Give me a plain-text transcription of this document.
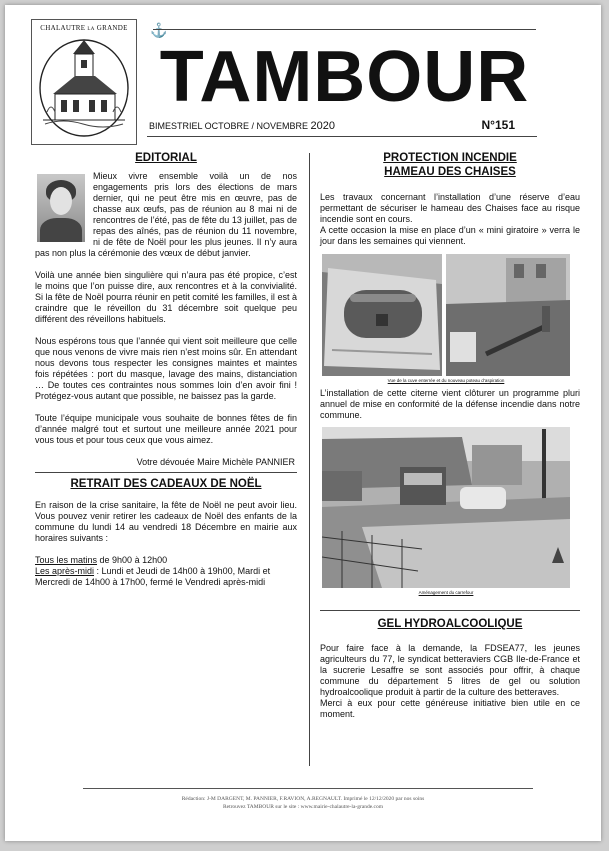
CHALAUTRE LA GRANDE	⚓
TAMBOUR
BIMESTRIEL OCTOBRE / NOVEMBRE 2020	N°151
EDITORIAL

Mieux vivre ensemble voilà un de nos engagements pris lors des élections de mars dernier, qui ne peut être mis en œuvre, pas de chasse aux œufs, pas de réunion au 8 mai ni de rencontres de l’été, pas de fête du 13 juillet, pas de repas des aînés, pas de réunion du 11 novembre, ni de fête de Noël pour les plus jeunes. Il n’y aura pas non plus la cérémonie des vœux de début janvier.

Voilà une année bien singulière qui n’aura pas été propice, c’est le moins que l’on puisse dire, aux rencontres et à la convivialité. Si la fête de Noël pourra réunir en petit comité les familles, il est à craindre que le réveillon du 31 décembre soit quelque peu différent des réveillons habituels.

Nous espérons tous que l’année qui vient soit meilleure que celle que nous venons de vivre mais rien n’est moins sûr. En attendant nous devons tous respecter les consignes maintes et maintes fois répétées : port du masque, lavage des mains, distanciation … De toutes ces contraintes nous sommes loin d’en avoir fini ! Protégez-vous autant que possible, ne baissez pas la garde.

Toute l’équipe municipale vous souhaite de bonnes fêtes de fin d’année malgré tout et surtout une meilleure année 2021 pour vous tous et pour tous ceux que vous aimez.

Votre dévouée Maire Michèle PANNIER

RETRAIT DES CADEAUX DE NOËL

En raison de la crise sanitaire, la fête de Noël ne peut avoir lieu. Vous pouvez venir retirer les cadeaux de Noël des enfants de la commune du lundi 14 au vendredi 18 Décembre en mairie aux horaires suivants :

Tous les matins de 9h00 à 12h00

Les après-midi : Lundi et Jeudi de 14h00 à 19h00, Mardi et Mercredi de 14h00 à 17h00, fermé le Vendredi après-midi

PROTECTION INCENDIE
HAMEAU DES CHAISES

Les travaux concernant l’installation d’une réserve d’eau permettant de sécuriser le hameau des Chaises face au risque incendie sont en cours.

A cette occasion la mise en place d’un « mini giratoire » verra le jour dans les semaines qui viennent.

Vue de la cuve enterrée et du nouveau poteau d’aspiration

L’installation de cette citerne vient clôturer un programme pluri annuel de mise en conformité de la défense incendie dans notre commune.

Aménagement du carrefour
GEL HYDROALCOOLIQUE

Pour faire face à la demande, la FDSEA77, les jeunes agriculteurs du 77, le syndicat betteraviers CGB Ile-de-France et la sucrerie Lesaffre se sont associés pour offrir, à chaque commune du département 5 litres de gel ou solution hydroalcoolique produit à partir de la culture des betteraves.

Merci à eux pour cette généreuse initiative bien utile en ce moment.

Rédaction: J-M DARGENT, M. PANNIER, F.RAVION, A.REGNAULT. Imprimé le 12/12/2020 par nos soins
Retrouvez TAMBOUR sur le site : www.mairie-chalautre-la-grande.com
